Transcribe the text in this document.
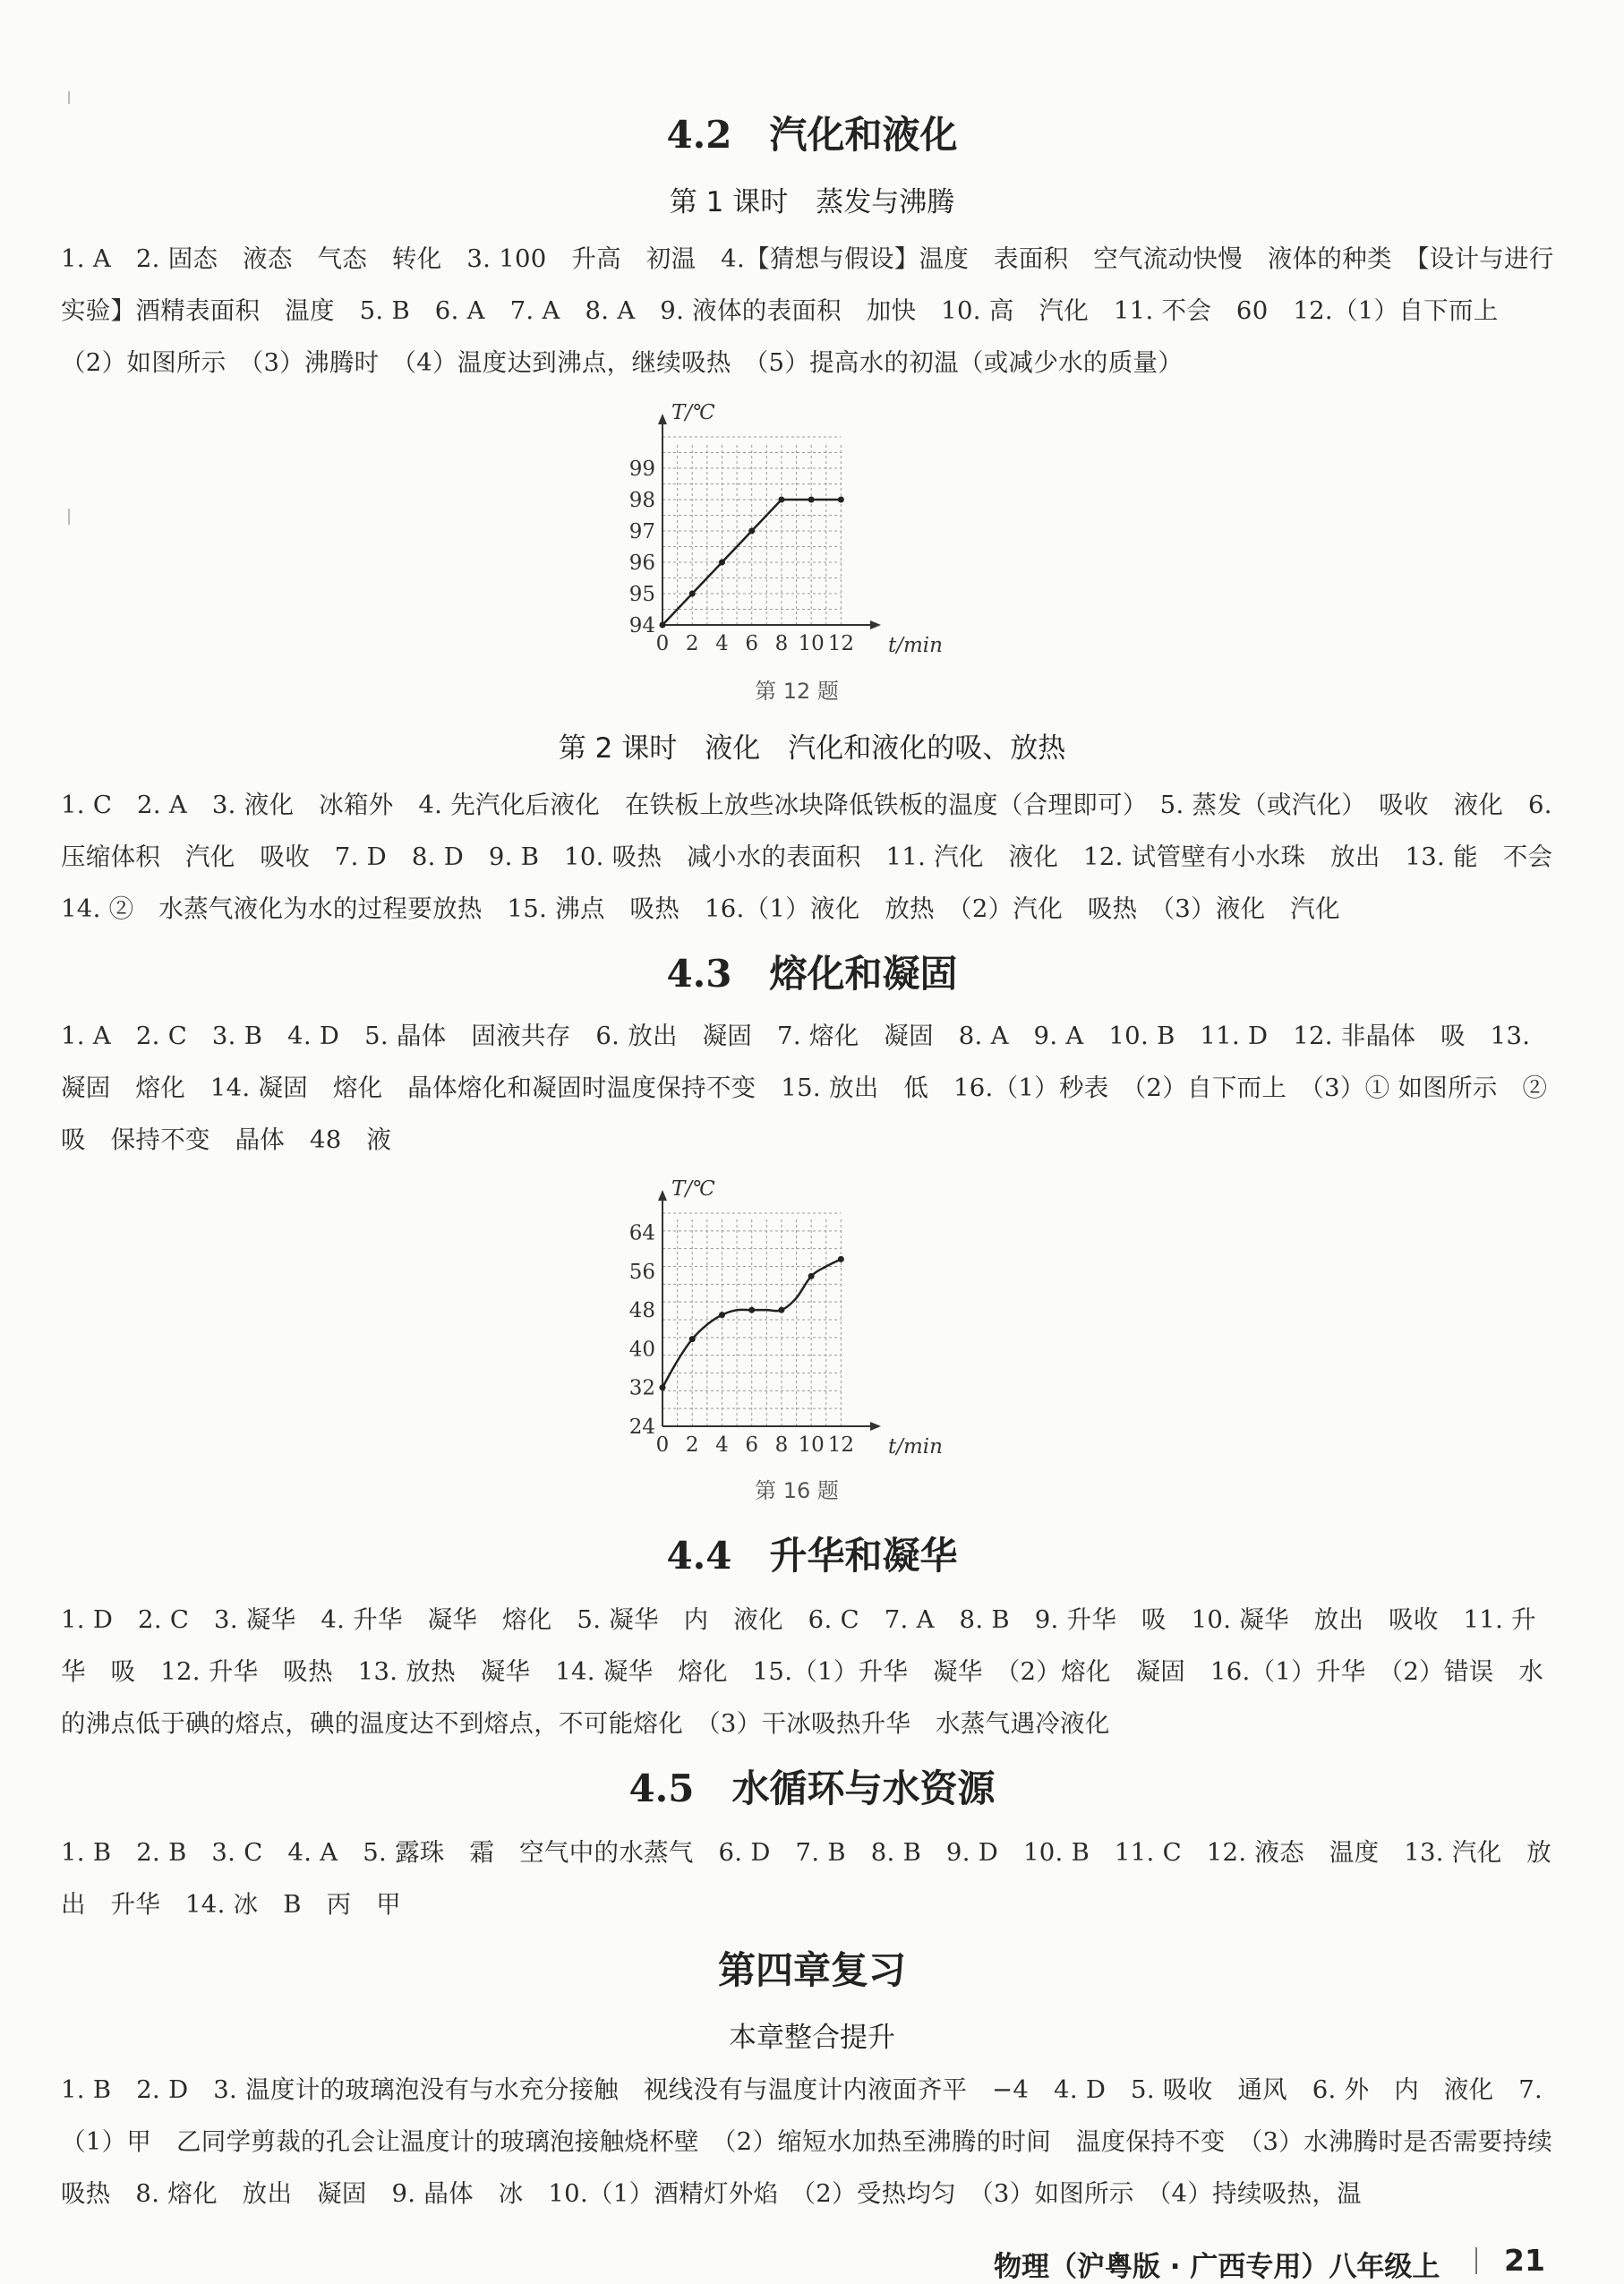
4.2　汽化和液化
第 1 课时　蒸发与沸腾
1. A　2. 固态　液态　气态　转化　3. 100　升高　初温　4.【猜想与假设】温度　表面积　空气流动快慢　液体的种类　【设计与进行实验】酒精表面积　温度　5. B　6. A　7. A　8. A　9. 液体的表面积　加快　10. 高　汽化　11. 不会　60　12.（1）自下而上　（2）如图所示　（3）沸腾时　（4）温度达到沸点，继续吸热　（5）提高水的初温（或减少水的质量）
0 2 4 6 8 10 12
94
95
96
97
98
99
t/min
T/℃
第 12 题
第 2 课时　液化　汽化和液化的吸、放热
1. C　2. A　3. 液化　冰箱外　4. 先汽化后液化　在铁板上放些冰块降低铁板的温度（合理即可）　5. 蒸发（或汽化）　吸收　液化　6. 压缩体积　汽化　吸收　7. D　8. D　9. B　10. 吸热　减小水的表面积　11. 汽化　液化　12. 试管壁有小水珠　放出　13. 能　不会　14. ②　水蒸气液化为水的过程要放热　15. 沸点　吸热　16.（1）液化　放热　（2）汽化　吸热　（3）液化　汽化
4.3　熔化和凝固
1. A　2. C　3. B　4. D　5. 晶体　固液共存　6. 放出　凝固　7. 熔化　凝固　8. A　9. A　10. B　11. D　12. 非晶体　吸　13. 凝固　熔化　14. 凝固　熔化　晶体熔化和凝固时温度保持不变　15. 放出　低　16.（1）秒表　（2）自下而上　（3）① 如图所示　② 吸　保持不变　晶体　48　液
0 2 4 6 8 10 12
24
32
40
48
56
64
t/min
T/℃
第 16 题
4.4　升华和凝华
1. D　2. C　3. 凝华　4. 升华　凝华　熔化　5. 凝华　内　液化　6. C　7. A　8. B　9. 升华　吸　10. 凝华　放出　吸收　11. 升华　吸　12. 升华　吸热　13. 放热　凝华　14. 凝华　熔化　15.（1）升华　凝华　（2）熔化　凝固　16.（1）升华　（2）错误　水的沸点低于碘的熔点，碘的温度达不到熔点，不可能熔化　（3）干冰吸热升华　水蒸气遇冷液化
4.5　水循环与水资源
1. B　2. B　3. C　4. A　5. 露珠　霜　空气中的水蒸气　6. D　7. B　8. B　9. D　10. B　11. C　12. 液态　温度　13. 汽化　放出　升华　14. 冰　B　丙　甲
第四章复习
本章整合提升
1. B　2. D　3. 温度计的玻璃泡没有与水充分接触　视线没有与温度计内液面齐平　−4　4. D　5. 吸收　通风　6. 外　内　液化　7.（1）甲　乙同学剪裁的孔会让温度计的玻璃泡接触烧杯壁　（2）缩短水加热至沸腾的时间　温度保持不变　（3）水沸腾时是否需要持续吸热　8. 熔化　放出　凝固　9. 晶体　冰　10.（1）酒精灯外焰　（2）受热均匀　（3）如图所示　（4）持续吸热，温
物理（沪粤版 · 广西专用）八年级上 21
